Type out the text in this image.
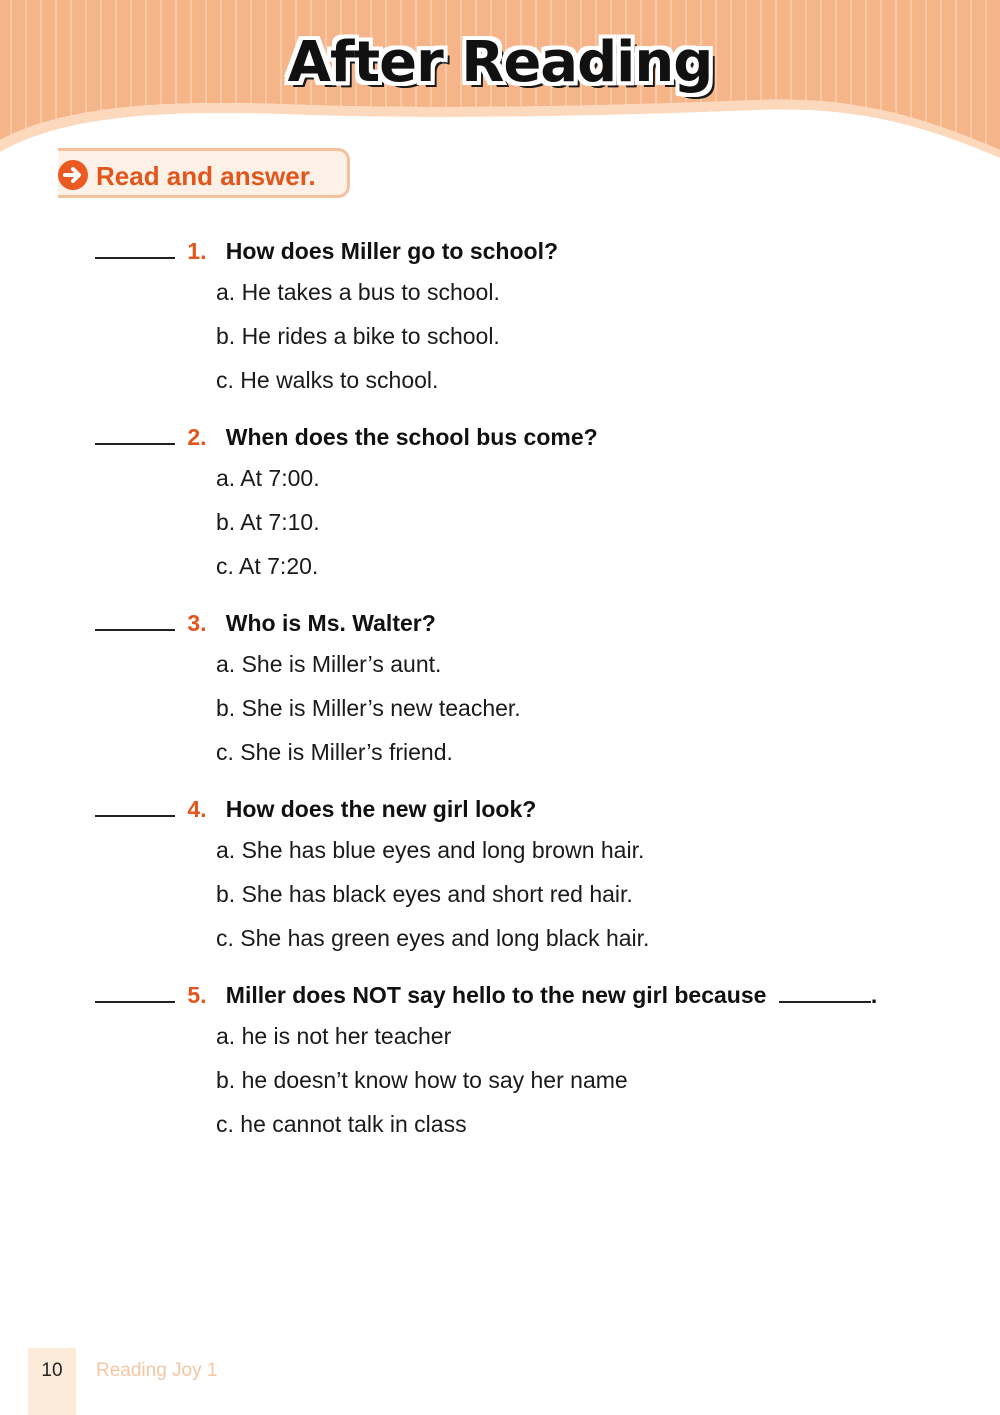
After Reading
Read and answer.
1. How does Miller go to school?
a. He takes a bus to school.
b. He rides a bike to school.
c. He walks to school.
2. When does the school bus come?
a. At 7:00.
b. At 7:10.
c. At 7:20.
3. Who is Ms. Walter?
a. She is Miller’s aunt.
b. She is Miller’s new teacher.
c. She is Miller’s friend.
4. How does the new girl look?
a. She has blue eyes and long brown hair.
b. She has black eyes and short red hair.
c. She has green eyes and long black hair.
5. Miller does NOT say hello to the new girl because	.
a. he is not her teacher
b. he doesn’t know how to say her name
c. he cannot talk in class
10	Reading Joy 1
